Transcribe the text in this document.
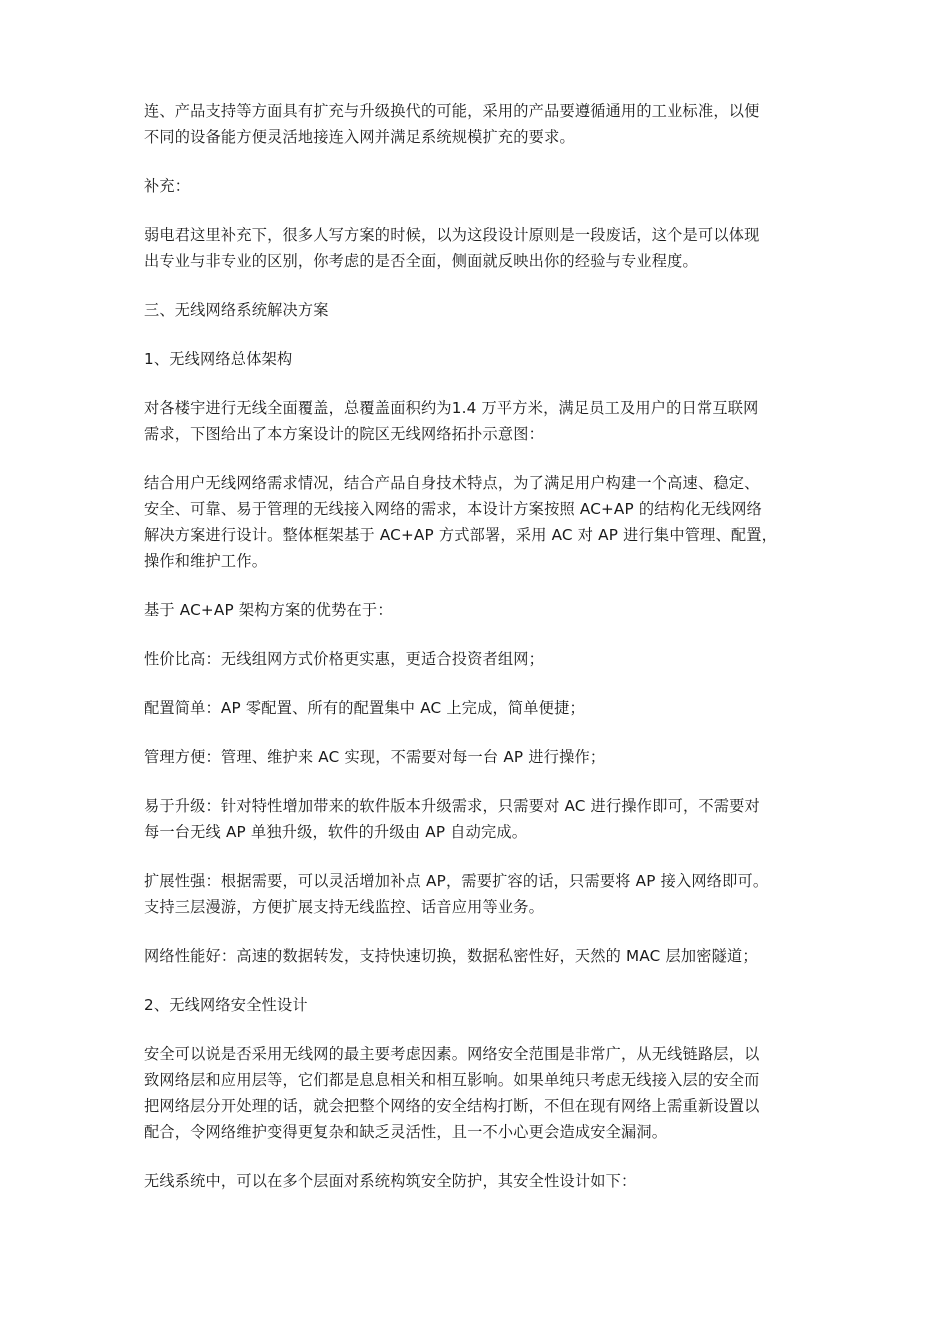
连、产品支持等方面具有扩充与升级换代的可能，采用的产品要遵循通用的工业标准，以便
不同的设备能方便灵活地接连入网并满足系统规模扩充的要求。

补充：

弱电君这里补充下，很多人写方案的时候，以为这段设计原则是一段废话，这个是可以体现
出专业与非专业的区别，你考虑的是否全面，侧面就反映出你的经验与专业程度。

三、无线网络系统解决方案

1、无线网络总体架构

对各楼宇进行无线全面覆盖，总覆盖面积约为1.4 万平方米，满足员工及用户的日常互联网
需求，下图给出了本方案设计的院区无线网络拓扑示意图：

结合用户无线网络需求情况，结合产品自身技术特点，为了满足用户构建一个高速、稳定、
安全、可靠、易于管理的无线接入网络的需求，本设计方案按照 AC+AP 的结构化无线网络
解决方案进行设计。整体框架基于 AC+AP 方式部署，采用 AC 对 AP 进行集中管理、配置，
操作和维护工作。

基于 AC+AP 架构方案的优势在于：

性价比高：无线组网方式价格更实惠，更适合投资者组网；

配置简单：AP 零配置、所有的配置集中 AC 上完成，简单便捷；

管理方便：管理、维护来 AC 实现，不需要对每一台 AP 进行操作；

易于升级：针对特性增加带来的软件版本升级需求，只需要对 AC 进行操作即可，不需要对
每一台无线 AP 单独升级，软件的升级由 AP 自动完成。

扩展性强：根据需要，可以灵活增加补点 AP，需要扩容的话，只需要将 AP 接入网络即可。
支持三层漫游，方便扩展支持无线监控、话音应用等业务。

网络性能好：高速的数据转发，支持快速切换，数据私密性好，天然的 MAC 层加密隧道；

2、无线网络安全性设计

安全可以说是否采用无线网的最主要考虑因素。网络安全范围是非常广，从无线链路层，以
致网络层和应用层等，它们都是息息相关和相互影响。如果单纯只考虑无线接入层的安全而
把网络层分开处理的话，就会把整个网络的安全结构打断，不但在现有网络上需重新设置以
配合，令网络维护变得更复杂和缺乏灵活性，且一不小心更会造成安全漏洞。

无线系统中，可以在多个层面对系统构筑安全防护，其安全性设计如下：
